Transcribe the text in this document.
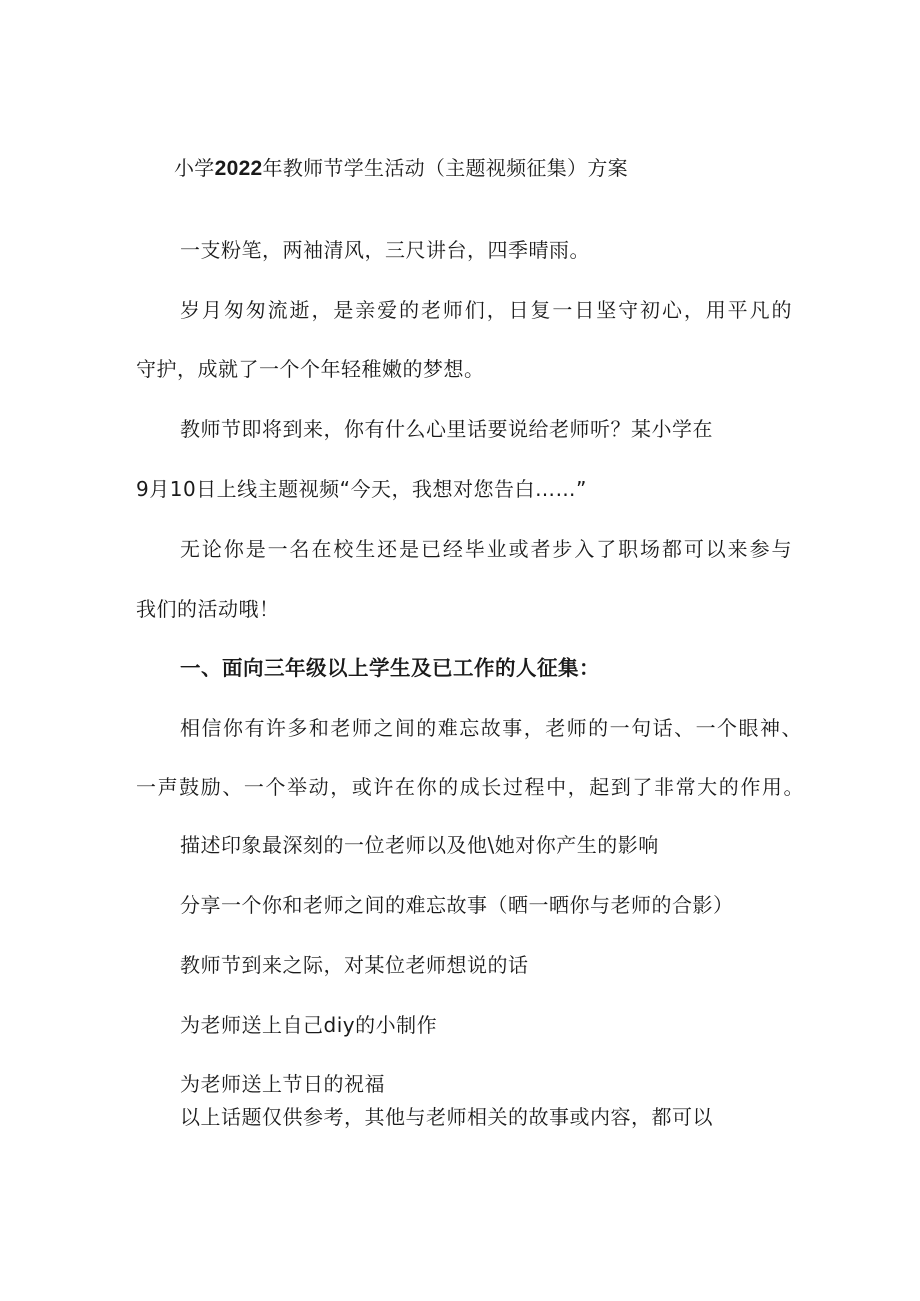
小学2022年教师节学生活动（主题视频征集）方案
一支粉笔，两袖清风，三尺讲台，四季晴雨。
岁月匆匆流逝，是亲爱的老师们，日复一日坚守初心，用平凡的
守护，成就了一个个年轻稚嫩的梦想。
教师节即将到来，你有什么心里话要说给老师听？某小学在
9月10日上线主题视频“今天，我想对您告白……”
无论你是一名在校生还是已经毕业或者步入了职场都可以来参与
我们的活动哦！
一、面向三年级以上学生及已工作的人征集：
相信你有许多和老师之间的难忘故事，老师的一句话、一个眼神、
一声鼓励、一个举动，或许在你的成长过程中，起到了非常大的作用。
描述印象最深刻的一位老师以及他\她对你产生的影响
分享一个你和老师之间的难忘故事（晒一晒你与老师的合影）
教师节到来之际，对某位老师想说的话
为老师送上自己diy的小制作
为老师送上节日的祝福
以上话题仅供参考，其他与老师相关的故事或内容，都可以
